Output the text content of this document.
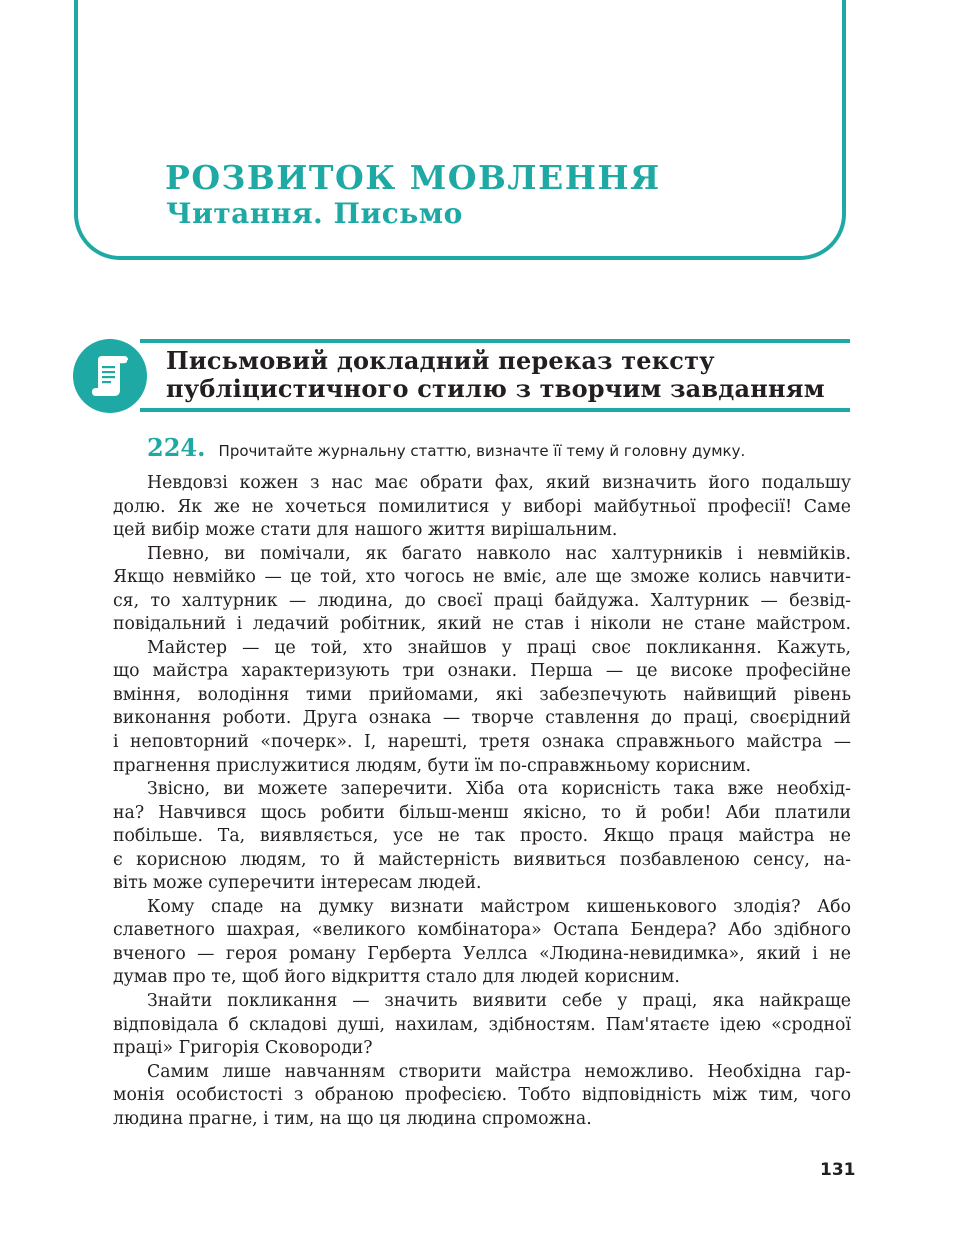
РОЗВИТОК МОВЛЕННЯ
Читання. Письмо
Письмовий докладний переказ тексту
публіцистичного стилю з творчим завданням
224. Прочитайте журнальну статтю, визначте її тему й головну думку.
Невдовзі кожен з нас має обрати фах, який визначить його подальшу
долю. Як же не хочеться помилитися у виборі майбутньої професії! Саме
цей вибір може стати для нашого життя вирішальним.
Певно, ви помічали, як багато навколо нас халтурників і невмійків.
Якщо невмійко — це той, хто чогось не вміє, але ще зможе колись навчити-
ся, то халтурник — людина, до своєї праці байдужа. Халтурник — безвід-
повідальний і ледачий робітник, який не став і ніколи не стане майстром.
Майстер — це той, хто знайшов у праці своє покликання. Кажуть,
що майстра характеризують три ознаки. Перша — це високе професійне
вміння, володіння тими прийомами, які забезпечують найвищий рівень
виконання роботи. Друга ознака — творче ставлення до праці, своєрідний
і неповторний «почерк». І, нарешті, третя ознака справжнього майстра —
прагнення прислужитися людям, бути їм по-справжньому корисним.
Звісно, ви можете заперечити. Хіба ота корисність така вже необхід-
на? Навчився щось робити більш-менш якісно, то й роби! Аби платили
побільше. Та, виявляється, усе не так просто. Якщо праця майстра не
є корисною людям, то й майстерність виявиться позбавленою сенсу, на-
віть може суперечити інтересам людей.
Кому спаде на думку визнати майстром кишенькового злодія? Або
славетного шахрая, «великого комбінатора» Остапа Бендера? Або здібного
вченого — героя роману Герберта Уеллса «Людина-невидимка», який і не
думав про те, щоб його відкриття стало для людей корисним.
Знайти покликання — значить виявити себе у праці, яка найкраще
відповідала б складові душі, нахилам, здібностям. Пам'ятаєте ідею «сродної
праці» Григорія Сковороди?
Самим лише навчанням створити майстра неможливо. Необхідна гар-
монія особистості з обраною професією. Тобто відповідність між тим, чого
людина прагне, і тим, на що ця людина спроможна.
131
